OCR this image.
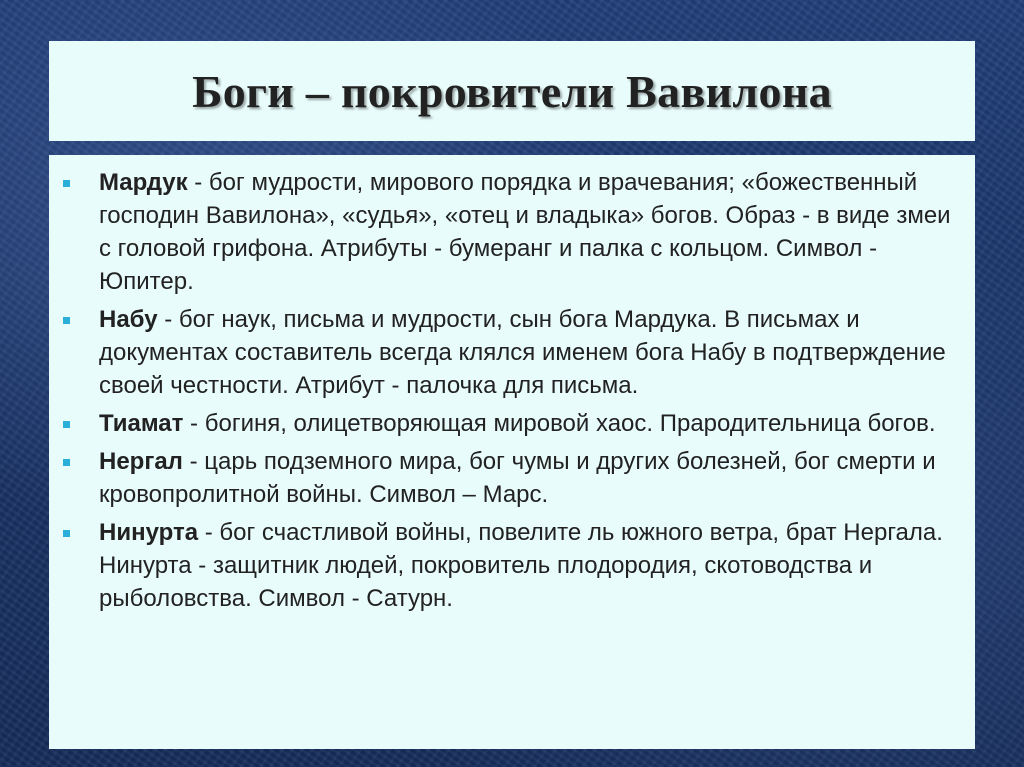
Боги – покровители Вавилона
Мардук - бог мудрости, мирового порядка и врачевания; «божественный господин Вавилона», «судья», «отец и владыка» богов. Образ - в виде змеи с головой грифона. Атрибуты - бумеранг и палка с кольцом. Символ - Юпитер.
Набу - бог наук, письма и мудрости, сын бога Мардука. В письмах и документах составитель всегда клялся именем бога Набу в подтверждение своей честности. Атрибут - палочка для письма.
Тиамат - богиня, олицетворяющая мировой хаос. Прародительница богов.
Нергал - царь подземного мира, бог чумы и других болезней, бог смерти и кровопролитной войны. Символ – Марс.
Нинурта - бог счастливой войны, повелите ль южного ветра, брат Нергала. Нинурта - защитник людей, покровитель плодородия, скотоводства и рыболовства. Символ - Сатурн.
